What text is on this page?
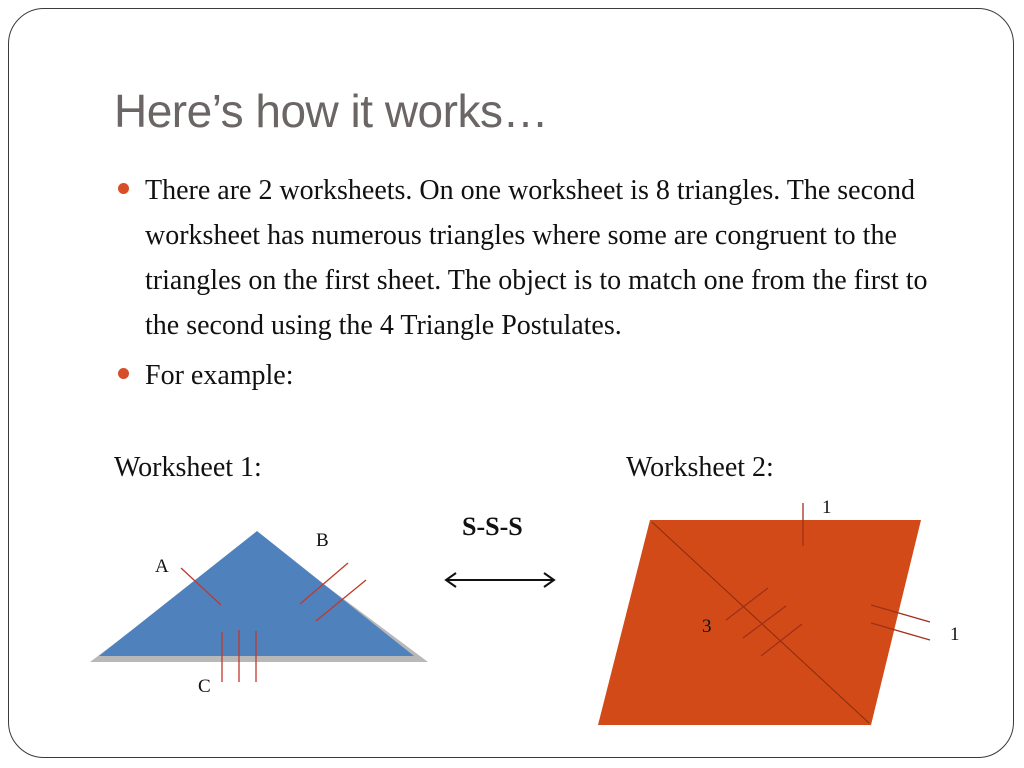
Here’s how it works…
There are 2 worksheets. On one worksheet is 8 triangles. The second worksheet has numerous triangles where some are congruent to the triangles on the first sheet. The object is to match one from the first to the second using the 4 Triangle Postulates.
For example:
Worksheet 1:	Worksheet 2:
S-S-S
A
B
C
1
1
3
